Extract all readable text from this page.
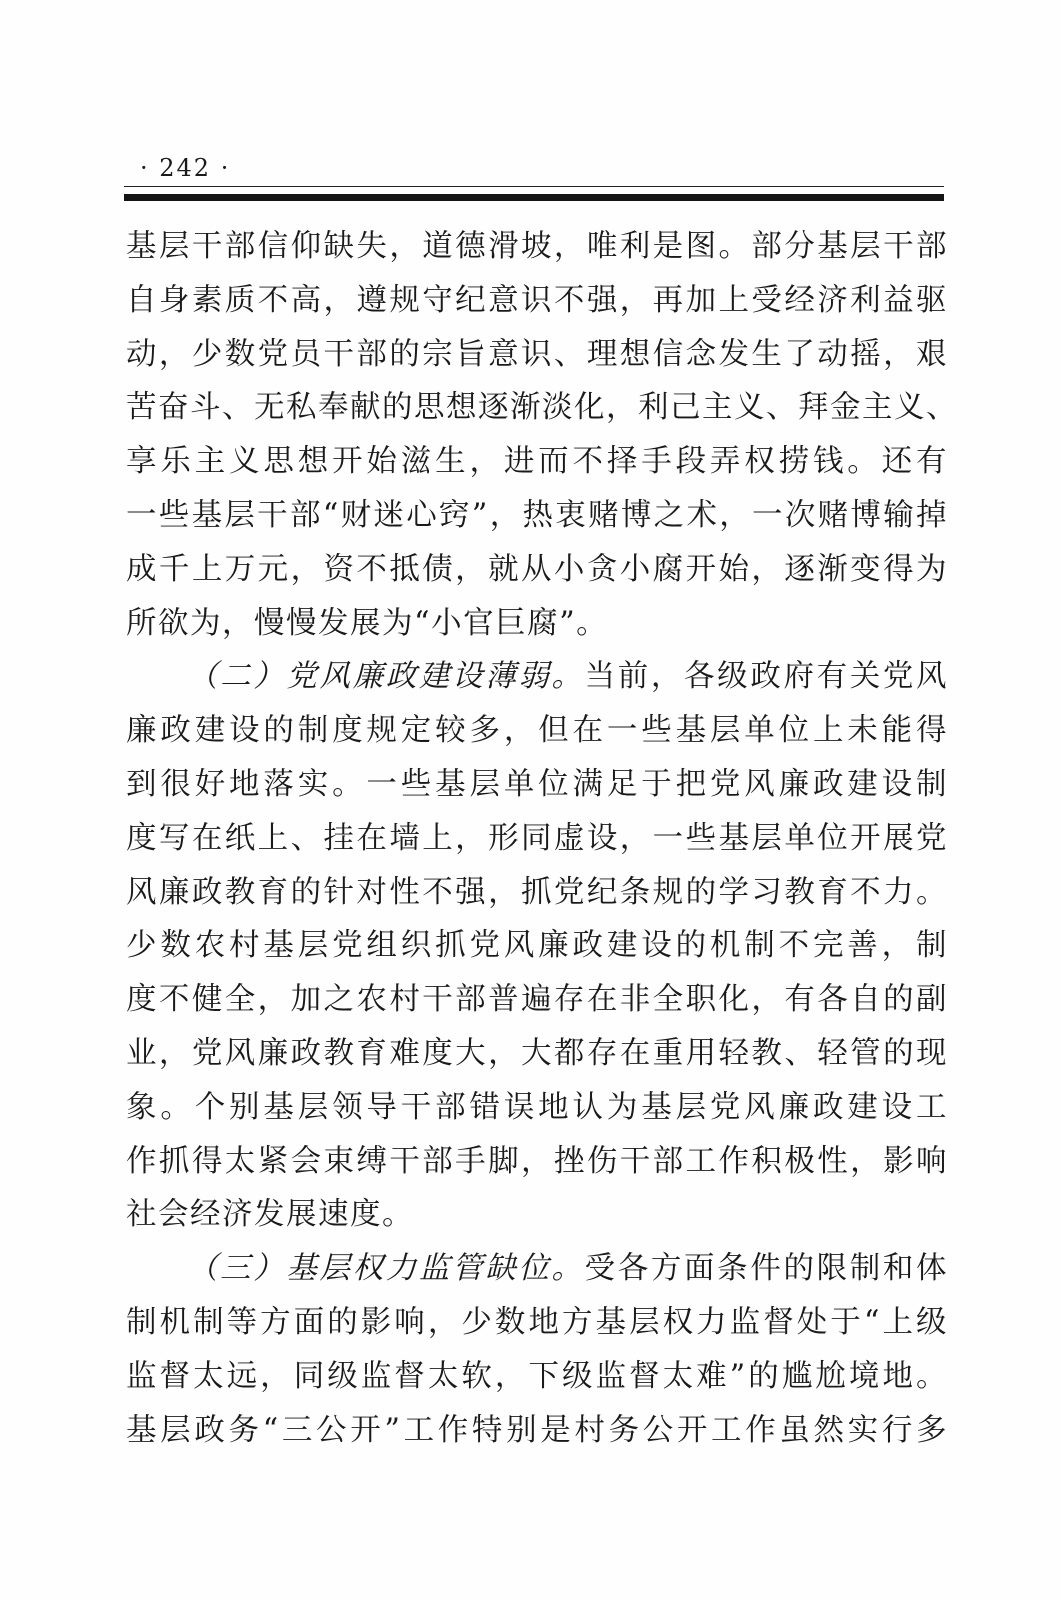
· 242 ·
基层干部信仰缺失，道德滑坡，唯利是图。部分基层干部
自身素质不高，遵规守纪意识不强，再加上受经济利益驱
动，少数党员干部的宗旨意识、理想信念发生了动摇，艰
苦奋斗、无私奉献的思想逐渐淡化，利己主义、拜金主义、
享乐主义思想开始滋生，进而不择手段弄权捞钱。还有
一些基层干部“财迷心窍”，热衷赌博之术，一次赌博输掉
成千上万元，资不抵债，就从小贪小腐开始，逐渐变得为
所欲为，慢慢发展为“小官巨腐”。
（二）党风廉政建设薄弱。当前，各级政府有关党风
廉政建设的制度规定较多，但在一些基层单位上未能得
到很好地落实。一些基层单位满足于把党风廉政建设制
度写在纸上、挂在墙上，形同虚设，一些基层单位开展党
风廉政教育的针对性不强，抓党纪条规的学习教育不力。
少数农村基层党组织抓党风廉政建设的机制不完善，制
度不健全，加之农村干部普遍存在非全职化，有各自的副
业，党风廉政教育难度大，大都存在重用轻教、轻管的现
象。个别基层领导干部错误地认为基层党风廉政建设工
作抓得太紧会束缚干部手脚，挫伤干部工作积极性，影响
社会经济发展速度。
（三）基层权力监管缺位。受各方面条件的限制和体
制机制等方面的影响，少数地方基层权力监督处于“上级
监督太远，同级监督太软，下级监督太难”的尴尬境地。
基层政务“三公开”工作特别是村务公开工作虽然实行多
